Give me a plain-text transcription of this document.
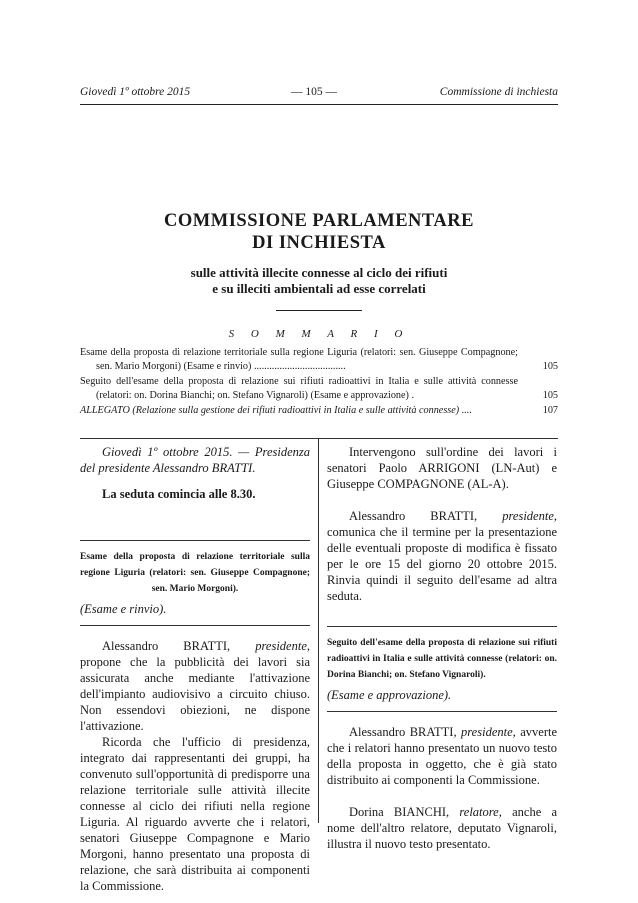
Giovedì 1º ottobre 2015	— 105 —	Commissione di inchiesta
COMMISSIONE PARLAMENTARE
DI INCHIESTA
sulle attività illecite connesse al ciclo dei rifiuti
e su illeciti ambientali ad esse correlati
S O M M A R I O
Esame della proposta di relazione territoriale sulla regione Liguria (relatori: sen. Giuseppe Compagnone; sen. Mario Morgoni) (Esame e rinvio) ....................................	105
Seguito dell'esame della proposta di relazione sui rifiuti radioattivi in Italia e sulle attività connesse (relatori: on. Dorina Bianchi; on. Stefano Vignaroli) (Esame e approvazione) .	105
ALLEGATO (Relazione sulla gestione dei rifiuti radioattivi in Italia e sulle attività connesse) ....	107

Giovedì 1º ottobre 2015. — Presidenza del presidente Alessandro BRATTI.

La seduta comincia alle 8.30.

Esame della proposta di relazione territoriale sulla regione Liguria (relatori: sen. Giuseppe Compagnone; sen. Mario Morgoni).

(Esame e rinvio).

Alessandro BRATTI, presidente, propone che la pubblicità dei lavori sia assicurata anche mediante l'attivazione dell'impianto audiovisivo a circuito chiuso. Non essendovi obiezioni, ne dispone l'attivazione.

Ricorda che l'ufficio di presidenza, integrato dai rappresentanti dei gruppi, ha convenuto sull'opportunità di predisporre una relazione territoriale sulle attività illecite connesse al ciclo dei rifiuti nella regione Liguria. Al riguardo avverte che i relatori, senatori Giuseppe Compagnone e Mario Morgoni, hanno presentato una proposta di relazione, che sarà distribuita ai componenti la Commissione.

Intervengono sull'ordine dei lavori i senatori Paolo ARRIGONI (LN-Aut) e Giuseppe COMPAGNONE (AL-A).

Alessandro BRATTI, presidente, comunica che il termine per la presentazione delle eventuali proposte di modifica è fissato per le ore 15 del giorno 20 ottobre 2015. Rinvia quindi il seguito dell'esame ad altra seduta.

Seguito dell'esame della proposta di relazione sui rifiuti radioattivi in Italia e sulle attività connesse (relatori: on. Dorina Bianchi; on. Stefano Vignaroli).

(Esame e approvazione).

Alessandro BRATTI, presidente, avverte che i relatori hanno presentato un nuovo testo della proposta in oggetto, che è già stato distribuito ai componenti la Commissione.

Dorina BIANCHI, relatore, anche a nome dell'altro relatore, deputato Vignaroli, illustra il nuovo testo presentato.
